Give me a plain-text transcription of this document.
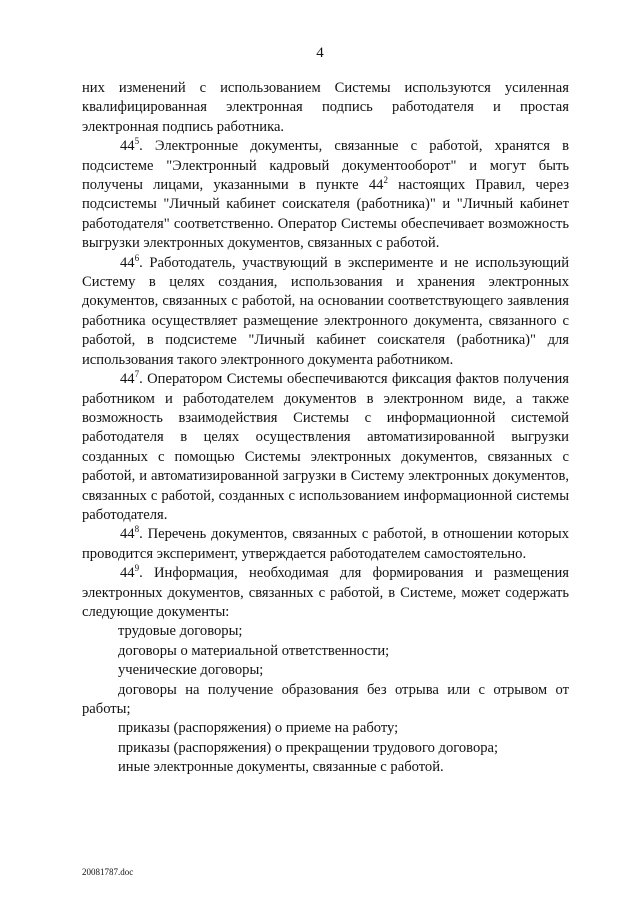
4

них изменений с использованием Системы используются усиленная квалифицированная электронная подпись работодателя и простая электронная подпись работника.

$44^5$. Электронные документы, связанные с работой, хранятся в подсистеме "Электронный кадровый документооборот" и могут быть получены лицами, указанными в пункте $44^2$ настоящих Правил, через подсистемы "Личный кабинет соискателя (работника)" и "Личный кабинет работодателя" соответственно. Оператор Системы обеспечивает возможность выгрузки электронных документов, связанных с работой.

$44^6$. Работодатель, участвующий в эксперименте и не использующий Систему в целях создания, использования и хранения электронных документов, связанных с работой, на основании соответствующего заявления работника осуществляет размещение электронного документа, связанного с работой, в подсистеме "Личный кабинет соискателя (работника)" для использования такого электронного документа работником.

$44^7$. Оператором Системы обеспечиваются фиксация фактов получения работником и работодателем документов в электронном виде, а также возможность взаимодействия Системы с информационной системой работодателя в целях осуществления автоматизированной выгрузки созданных с помощью Системы электронных документов, связанных с работой, и автоматизированной загрузки в Систему электронных документов, связанных с работой, созданных с использованием информационной системы работодателя.

$44^8$. Перечень документов, связанных с работой, в отношении которых проводится эксперимент, утверждается работодателем самостоятельно.

$44^9$. Информация, необходимая для формирования и размещения электронных документов, связанных с работой, в Системе, может содержать следующие документы:

трудовые договоры;

договоры о материальной ответственности;

ученические договоры;

договоры на получение образования без отрыва или с отрывом от работы;

приказы (распоряжения) о приеме на работу;

приказы (распоряжения) о прекращении трудового договора;

иные электронные документы, связанные с работой.

20081787.doc
